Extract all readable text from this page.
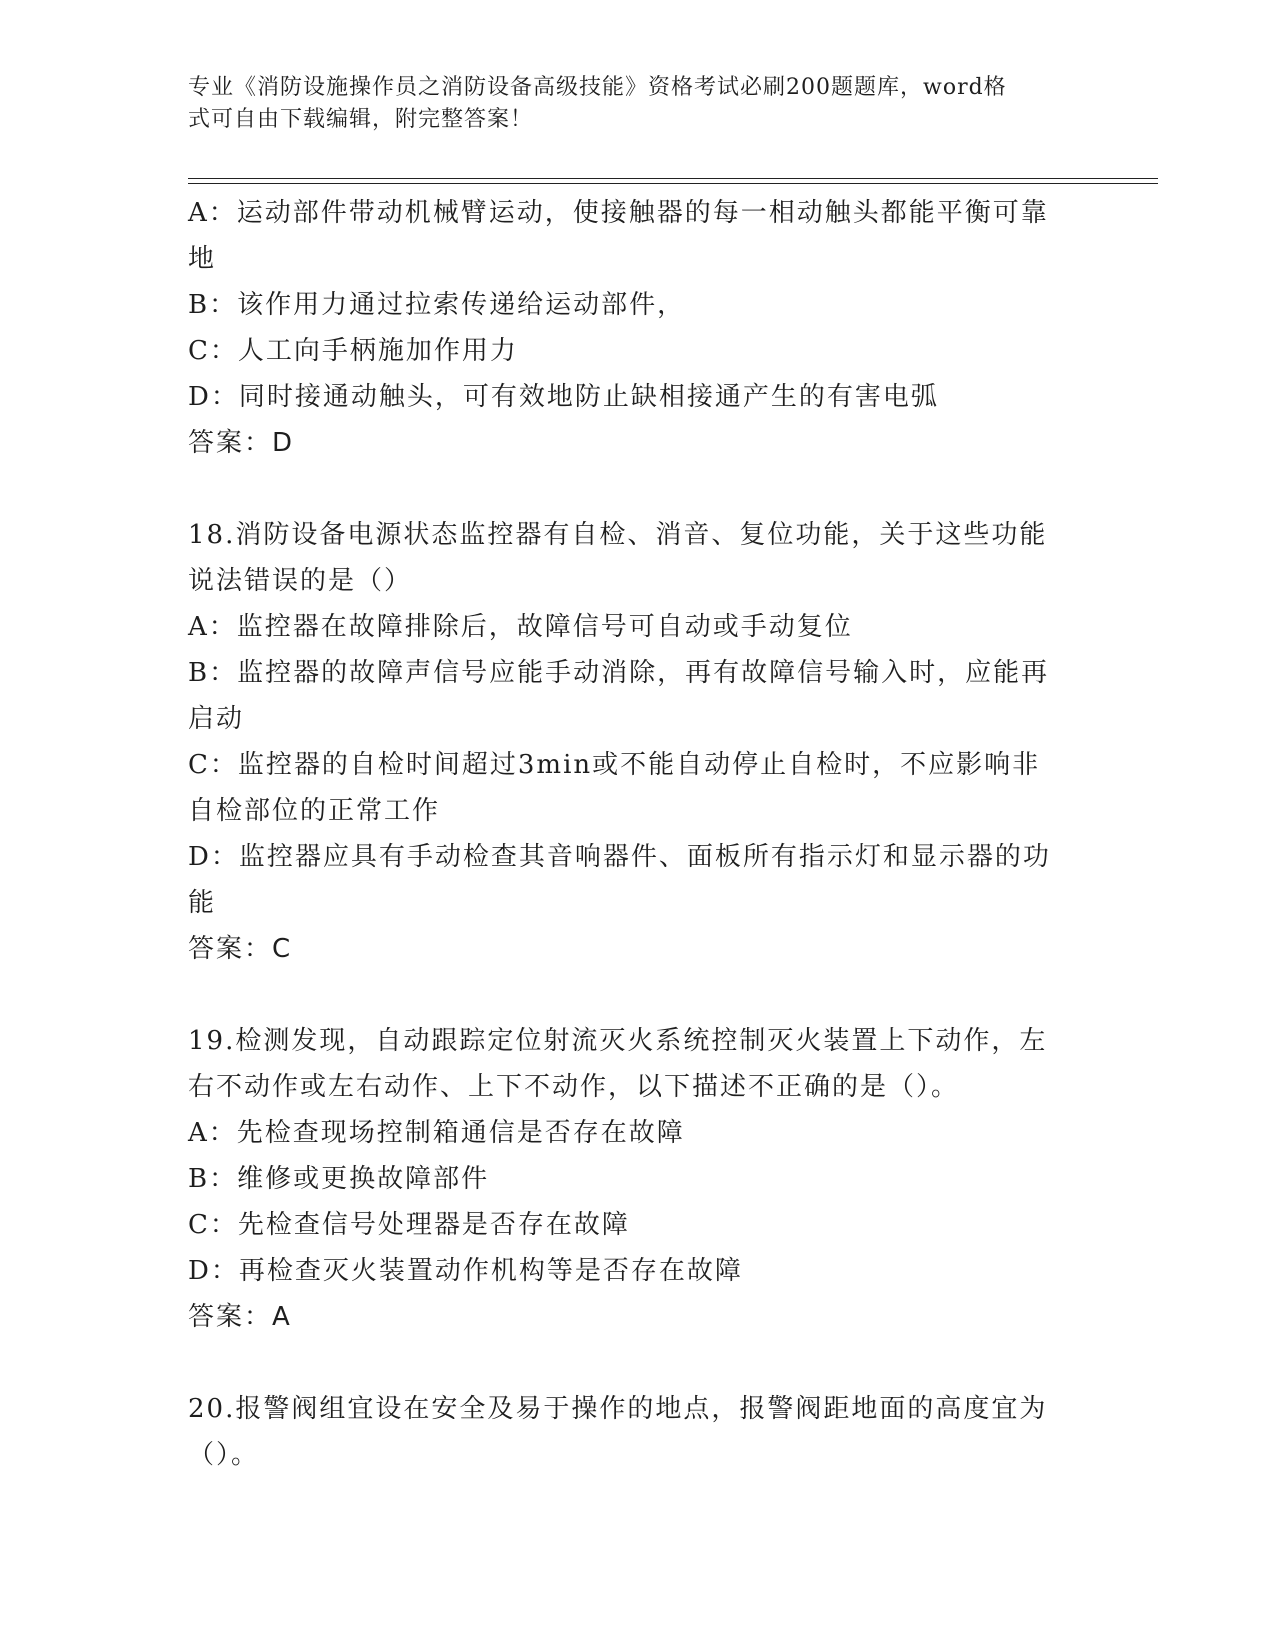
专业《消防设施操作员之消防设备高级技能》资格考试必刷200题题库，word格
式可自由下载编辑，附完整答案！
A：运动部件带动机械臂运动，使接触器的每一相动触头都能平衡可靠
地
B：该作用力通过拉索传递给运动部件，
C：人工向手柄施加作用力
D：同时接通动触头，可有效地防止缺相接通产生的有害电弧
答案：D
18.消防设备电源状态监控器有自检、消音、复位功能，关于这些功能
说法错误的是（）
A：监控器在故障排除后，故障信号可自动或手动复位
B：监控器的故障声信号应能手动消除，再有故障信号输入时，应能再
启动
C：监控器的自检时间超过3min或不能自动停止自检时，不应影响非
自检部位的正常工作
D：监控器应具有手动检查其音响器件、面板所有指示灯和显示器的功
能
答案：C
19.检测发现，自动跟踪定位射流灭火系统控制灭火装置上下动作，左
右不动作或左右动作、上下不动作，以下描述不正确的是（）。
A：先检查现场控制箱通信是否存在故障
B：维修或更换故障部件
C：先检查信号处理器是否存在故障
D：再检查灭火装置动作机构等是否存在故障
答案：A
20.报警阀组宜设在安全及易于操作的地点，报警阀距地面的高度宜为
（）。
